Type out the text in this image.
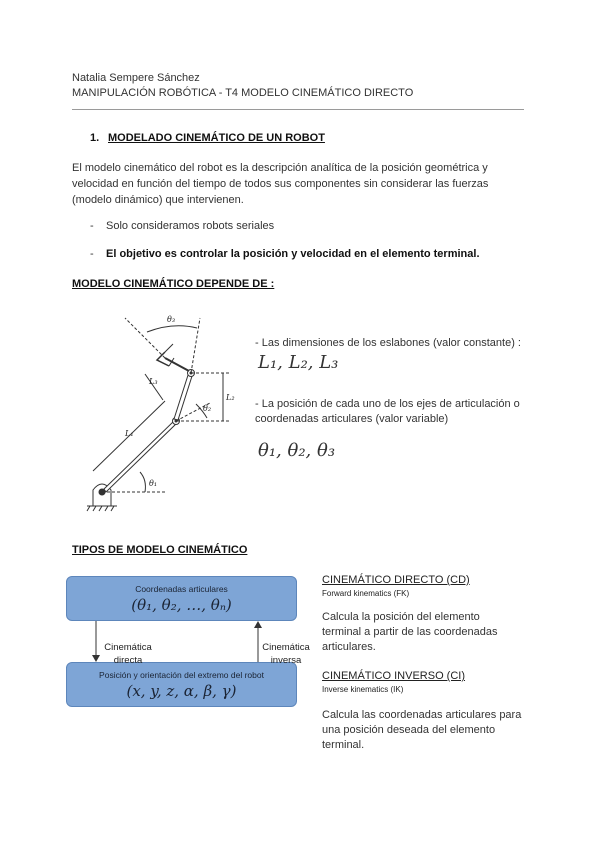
Natalia Sempere Sánchez
MANIPULACIÓN ROBÓTICA - T4 MODELO CINEMÁTICO DIRECTO
1. MODELADO CINEMÁTICO DE UN ROBOT
El modelo cinemático del robot es la descripción analítica de la posición geométrica y velocidad en función del tiempo de todos sus componentes sin considerar las fuerzas (modelo dinámico) que intervienen.
- Solo consideramos robots seriales
- El objetivo es controlar la posición y velocidad en el elemento terminal.
MODELO CINEMÁTICO DEPENDE DE :
θ₁
θ₂
θ₃
L₁
L₂
L₃
- Las dimensiones de los eslabones (valor constante) :
L₁, L₂, L₃
- La posición de cada uno de los ejes de articulación o coordenadas articulares (valor variable)
θ₁, θ₂, θ₃
TIPOS DE MODELO CINEMÁTICO
Coordenadas articulares
(θ₁, θ₂, …, θₙ)
Posición y orientación del extremo del robot
(x, y, z, α, β, γ)
Cinemática
directa
Cinemática
inversa
CINEMÁTICO DIRECTO (CD)
Forward kinematics (FK)
Calcula la posición del elemento terminal a partir de las coordenadas articulares.
CINEMÁTICO INVERSO (CI)
Inverse kinematics (IK)
Calcula las coordenadas articulares para una posición deseada del elemento terminal.
